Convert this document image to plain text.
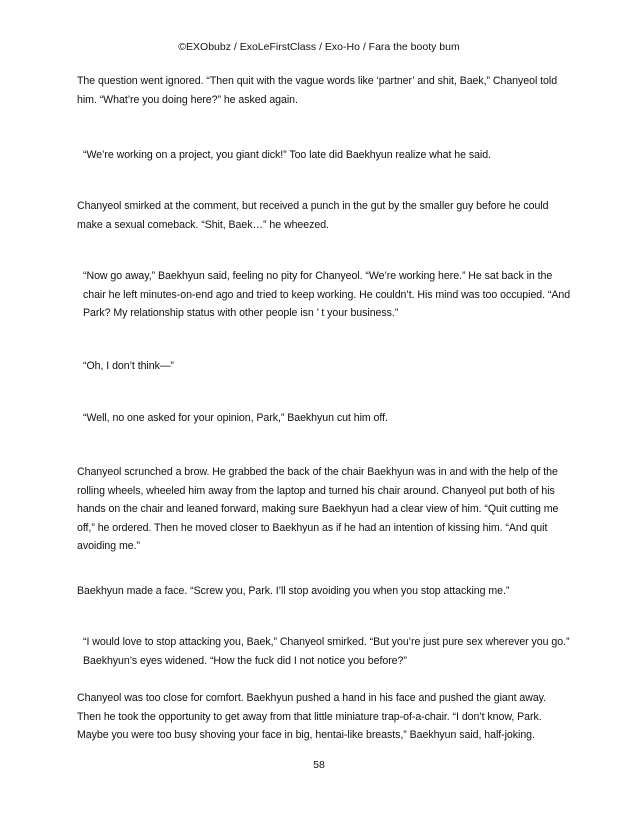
©EXObubz / ExoLeFirstClass / Exo-Ho / Fara the booty bum

The question went ignored. “Then quit with the vague words like ‘partner’ and shit, Baek,” Chanyeol told him. “What’re you doing here?” he asked again.

“We’re working on a project, you giant dick!” Too late did Baekhyun realize what he said.

Chanyeol smirked at the comment, but received a punch in the gut by the smaller guy before he could make a sexual comeback. “Shit, Baek…” he wheezed.

“Now go away,” Baekhyun said, feeling no pity for Chanyeol. “We’re working here.” He sat back in the chair he left minutes-on-end ago and tried to keep working. He couldn’t. His mind was too occupied. “And Park? My relationship status with other people isn ’ t your business.”

“Oh, I don’t think—”

“Well, no one asked for your opinion, Park,” Baekhyun cut him off.

Chanyeol scrunched a brow. He grabbed the back of the chair Baekhyun was in and with the help of the rolling wheels, wheeled him away from the laptop and turned his chair around. Chanyeol put both of his hands on the chair and leaned forward, making sure Baekhyun had a clear view of him. “Quit cutting me off,” he ordered. Then he moved closer to Baekhyun as if he had an intention of kissing him. “And quit avoiding me.”

Baekhyun made a face. “Screw you, Park. I’ll stop avoiding you when you stop attacking me.”

“I would love to stop attacking you, Baek,” Chanyeol smirked. “But you’re just pure sex wherever you go.” Baekhyun’s eyes widened. “How the fuck did I not notice you before?”

Chanyeol was too close for comfort. Baekhyun pushed a hand in his face and pushed the giant away. Then he took the opportunity to get away from that little miniature trap-of-a-chair. “I don’t know, Park. Maybe you were too busy shoving your face in big, hentai-like breasts,” Baekhyun said, half-joking.

58
